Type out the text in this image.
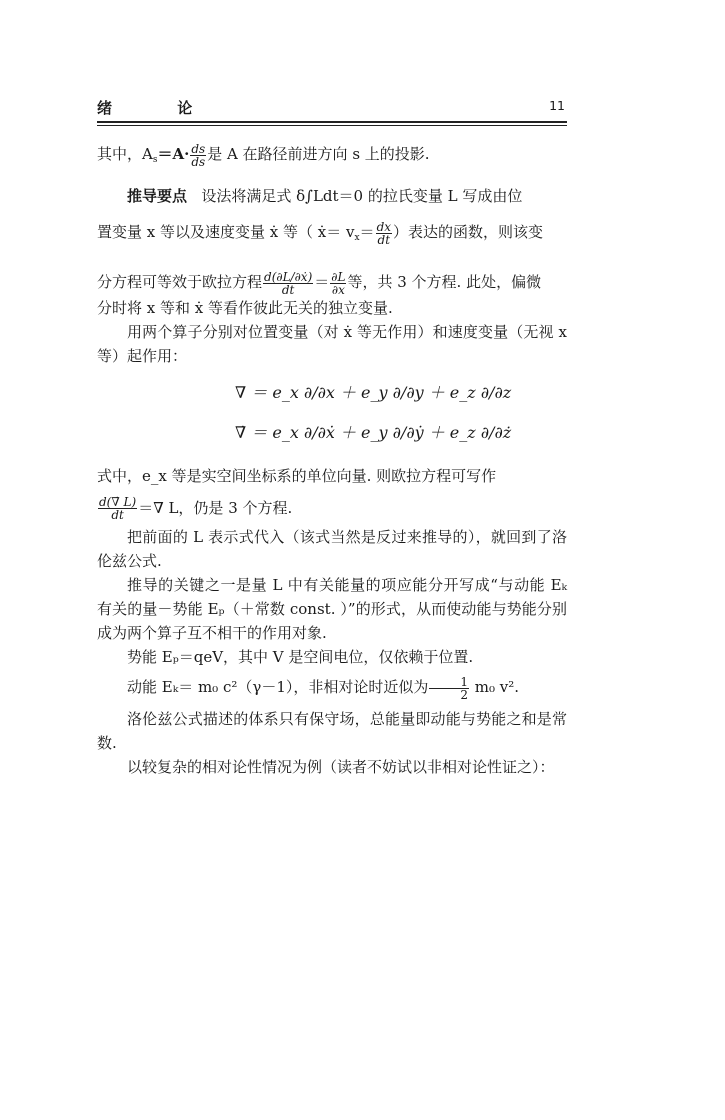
绪 论	11

其中，$A_s=A\cdot \frac{ds}{ds}$ 是 A 在路径前进方向 s 上的投影.

推导要点 设法将满足式 δ∫Ldt＝0 的拉氏变量 L 写成由位

置变量 x 等以及速度变量 ẋ 等（ ẋ＝ $v_x= \frac{dx}{dt}$ ）表达的函数，则该变

分方程可等效于欧拉方程 $\frac{\text{d(∂L/∂ẋ)}}{dt} = \frac{\partial L}{\partial x}$ 等，共 3 个方程. 此处，偏微

分时将 x 等和 ẋ 等看作彼此无关的独立变量.

用两个算子分别对位置变量（对 ẋ 等无作用）和速度变量（无视 x 等）起作用：

∇ ＝ e_x ∂/∂x ＋ e_y ∂/∂y ＋ e_z ∂/∂z
∇̇ ＝ e_x ∂/∂ẋ ＋ e_y ∂/∂ẏ ＋ e_z ∂/∂ż

式中，e_x 等是实空间坐标系的单位向量. 则欧拉方程可写作

$\frac{d(\nablȧ L)}{dt}$ ＝∇ L，仍是 3 个方程.

把前面的 L 表示式代入（该式当然是反过来推导的），就回到了洛伦兹公式.

推导的关键之一是量 L 中有关能量的项应能分开写成“与动能 Eₖ 有关的量－势能 Eₚ（＋常数 const. ）”的形式，从而使动能与势能分别成为两个算子互不相干的作用对象.

势能 Eₚ＝qeV，其中 V 是空间电位，仅依赖于位置.

动能 Eₖ＝ m₀ c²（γ－1），非相对论时近似为 $\frac{1}{2} m_0$ v².

洛伦兹公式描述的体系只有保守场，总能量即动能与势能之和是常数.

以较复杂的相对论性情况为例（读者不妨试以非相对论性证之）：
